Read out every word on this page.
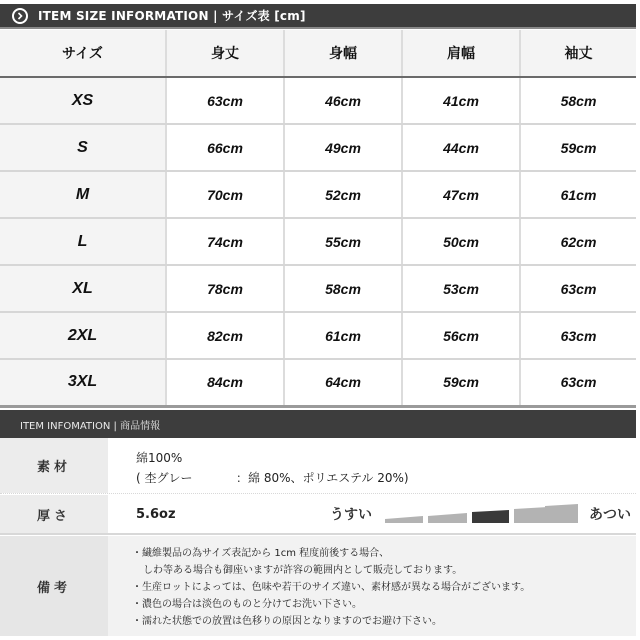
ITEM SIZE INFORMATION | サイズ表 [cm]
サイズ	身丈	身幅	肩幅	袖丈
XS	63cm	46cm	41cm	58cm
S	66cm	49cm	44cm	59cm
M	70cm	52cm	47cm	61cm
L	74cm	55cm	50cm	62cm
XL	78cm	58cm	53cm	63cm
2XL	82cm	61cm	56cm	63cm
3XL	84cm	64cm	59cm	63cm
ITEM INFOMATION | 商品情報
素材
綿100%
( 杢グレー	：綿 80%、ポリエステル 20%)
厚さ	5.6oz	うすい	あつい
備考
・繊維製品の為サイズ表記から 1cm 程度前後する場合、
しわ等ある場合も御座いますが許容の範囲内として販売しております。
・生産ロットによっては、色味や若干のサイズ違い、素材感が異なる場合がございます。
・濃色の場合は淡色のものと分けてお洗い下さい。
・濡れた状態での放置は色移りの原因となりますのでお避け下さい。
